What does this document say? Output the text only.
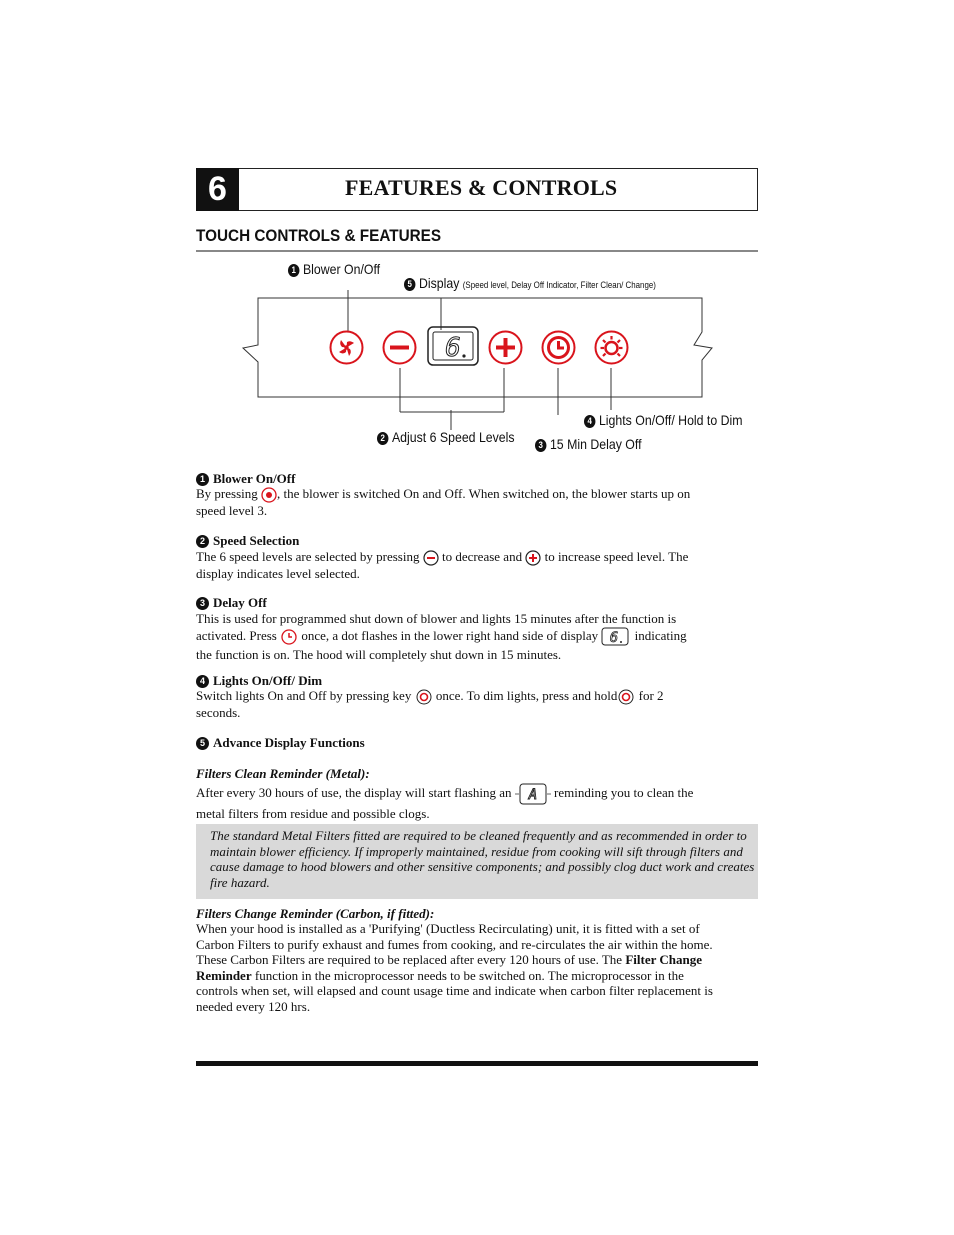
6	FEATURES & CONTROLS
TOUCH CONTROLS & FEATURES
6
1 Blower On/Off
5 Display (Speed level, Delay Off Indicator, Filter Clean/ Change)
4 Lights On/Off/ Hold to Dim
2 Adjust 6 Speed Levels	3 15 Min Delay Off
1 Blower On/Off
By pressing , the blower is switched On and Off. When switched on, the blower starts up on
speed level 3.
2 Speed Selection
The 6 speed levels are selected by pressing to decrease and to increase speed level. The
display indicates level selected.
3 Delay Off
This is used for programmed shut down of blower and lights 15 minutes after the function is
activated. Press once, a dot flashes in the lower right hand side of display 6 indicating
the function is on. The hood will completely shut down in 15 minutes.
4 Lights On/Off/ Dim
Switch lights On and Off by pressing key once. To dim lights, press and hold for 2
seconds.
5 Advance Display Functions
Filters Clean Reminder (Metal):
After every 30 hours of use, the display will start flashing an A reminding you to clean the
metal filters from residue and possible clogs.
The standard Metal Filters fitted are required to be cleaned frequently and as recommended in order to maintain blower efficiency. If improperly maintained, residue from cooking will sift through filters and cause damage to hood blowers and other sensitive components; and possibly clog duct work and creates fire hazard.
Filters Change Reminder (Carbon, if fitted):
When your hood is installed as a 'Purifying' (Ductless Recirculating) unit, it is fitted with a set of
Carbon Filters to purify exhaust and fumes from cooking, and re-circulates the air within the home.
These Carbon Filters are required to be replaced after every 120 hours of use. The Filter Change
Reminder function in the microprocessor needs to be switched on. The microprocessor in the
controls when set, will elapsed and count usage time and indicate when carbon filter replacement is
needed every 120 hrs.
